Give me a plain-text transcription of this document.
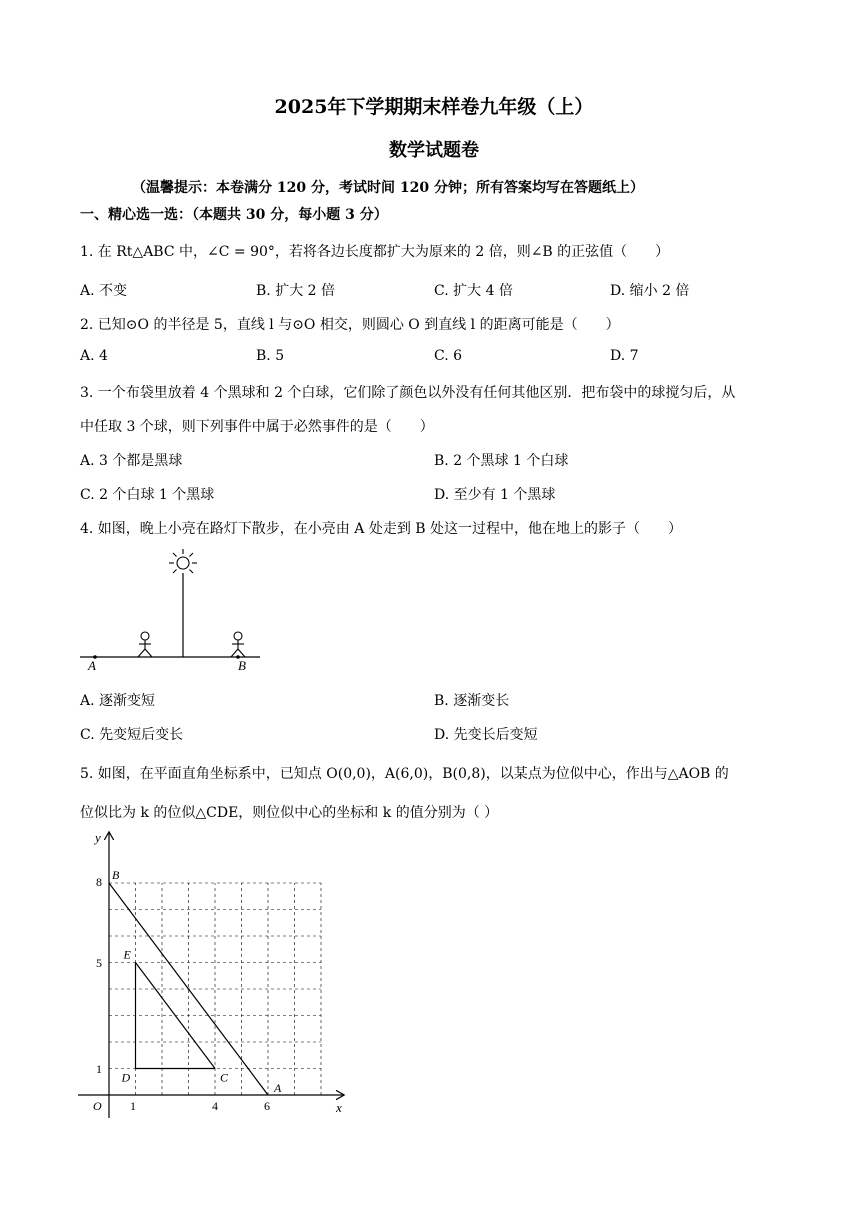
2025年下学期期末样卷九年级（上）
数学试题卷
（温馨提示：本卷满分 120 分，考试时间 120 分钟；所有答案均写在答题纸上）
一、精心选一选：（本题共 30 分，每小题 3 分）
1. 在 Rt△ABC 中，∠C = 90°，若将各边长度都扩大为原来的 2 倍，则∠B 的正弦值（　　）
A. 不变	B. 扩大 2 倍	C. 扩大 4 倍	D. 缩小 2 倍
2. 已知⊙O 的半径是 5，直线 l 与⊙O 相交，则圆心 O 到直线 l 的距离可能是（　　）
A. 4	B. 5	C. 6	D. 7
3. 一个布袋里放着 4 个黑球和 2 个白球，它们除了颜色以外没有任何其他区别．把布袋中的球搅匀后，从
中任取 3 个球，则下列事件中属于必然事件的是（　　）
A. 3 个都是黑球	B. 2 个黑球 1 个白球
C. 2 个白球 1 个黑球	D. 至少有 1 个黑球
4. 如图，晚上小亮在路灯下散步，在小亮由 A 处走到 B 处这一过程中，他在地上的影子（　　）
A	B
A. 逐渐变短	B. 逐渐变长
C. 先变短后变长	D. 先变长后变短
5. 如图，在平面直角坐标系中，已知点 O(0,0)，A(6,0)，B(0,8)，以某点为位似中心，作出与△AOB 的
位似比为 k 的位似△CDE，则位似中心的坐标和 k 的值分别为（ ）
x
y
O 1	4	6
1
5
8 B
E
D	C
A
